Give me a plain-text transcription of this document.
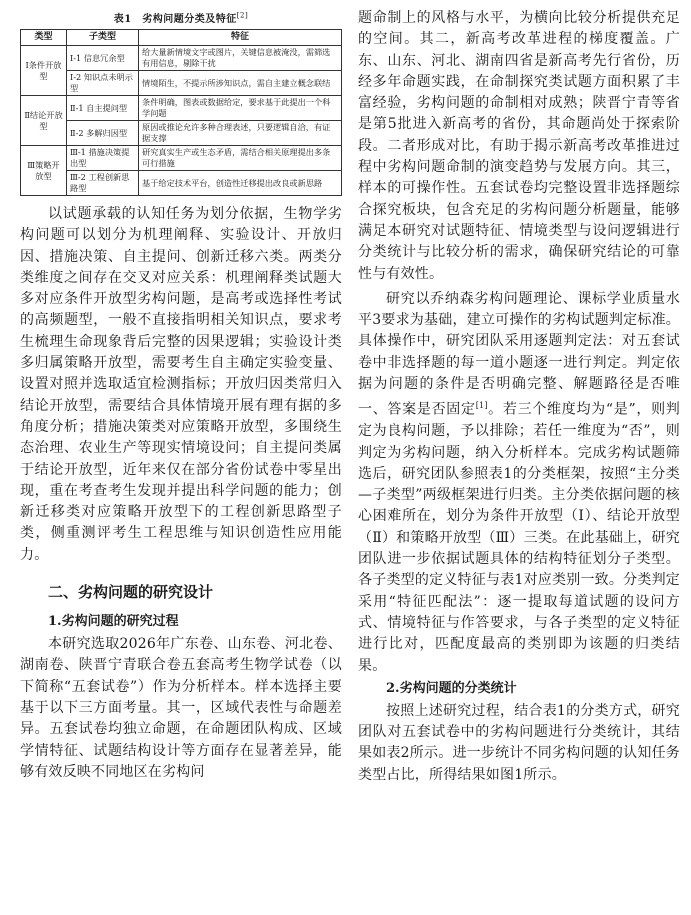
表1　劣构问题分类及特征[2]
类型	子类型	特征
Ⅰ条件开放型	Ⅰ-1 信息冗余型	给大量新情境文字或图片，关键信息被淹没，需筛选有用信息，剔除干扰
	Ⅰ-2 知识点未明示型	情境陌生，不提示所涉知识点，需自主建立概念联结
Ⅱ结论开放型	Ⅱ-1 自主提问型	条件明确，图表或数据给定，要求基于此提出一个科学问题
	Ⅱ-2 多解归因型	原因或推论允许多种合理表述，只要逻辑自洽，有证据支撑
Ⅲ策略开放型	Ⅲ-1 措施决策提出型	研究真实生产或生态矛盾，需结合相关原理提出多条可行措施
	Ⅲ-2 工程创新思路型	基于给定技术平台，创造性迁移提出改良或新思路

以试题承载的认知任务为划分依据，生物学劣构问题可以划分为机理阐释、实验设计、开放归因、措施决策、自主提问、创新迁移六类。两类分类维度之间存在交叉对应关系：机理阐释类试题大多对应条件开放型劣构问题，是高考或选择性考试的高频题型，一般不直接指明相关知识点，要求考生梳理生命现象背后完整的因果逻辑；实验设计类多归属策略开放型，需要考生自主确定实验变量、设置对照并选取适宜检测指标；开放归因类常归入结论开放型，需要结合具体情境开展有理有据的多角度分析；措施决策类对应策略开放型，多围绕生态治理、农业生产等现实情境设问；自主提问类属于结论开放型，近年来仅在部分省份试卷中零星出现，重在考查考生发现并提出科学问题的能力；创新迁移类对应策略开放型下的工程创新思路型子类，侧重测评考生工程思维与知识创造性应用能力。

二、劣构问题的研究设计
1.劣构问题的研究过程

本研究选取2026年广东卷、山东卷、河北卷、湖南卷、陕晋宁青联合卷五套高考生物学试卷（以下简称“五套试卷”）作为分析样本。样本选择主要基于以下三方面考量。其一，区域代表性与命题差异。五套试卷均独立命题，在命题团队构成、区域学情特征、试题结构设计等方面存在显著差异，能够有效反映不同地区在劣构问

题命制上的风格与水平，为横向比较分析提供充足的空间。其二，新高考改革进程的梯度覆盖。广东、山东、河北、湖南四省是新高考先行省份，历经多年命题实践，在命制探究类试题方面积累了丰富经验，劣构问题的命制相对成熟；陕晋宁青等省是第5批进入新高考的省份，其命题尚处于探索阶段。二者形成对比，有助于揭示新高考改革推进过程中劣构问题命制的演变趋势与发展方向。其三，样本的可操作性。五套试卷均完整设置非选择题综合探究板块，包含充足的劣构问题分析题量，能够满足本研究对试题特征、情境类型与设问逻辑进行分类统计与比较分析的需求，确保研究结论的可靠性与有效性。

研究以乔纳森劣构问题理论、课标学业质量水平3要求为基础，建立可操作的劣构试题判定标准。具体操作中，研究团队采用逐题判定法：对五套试卷中非选择题的每一道小题逐一进行判定。判定依据为问题的条件是否明确完整、解题路径是否唯一、答案是否固定[1]。若三个维度均为“是”，则判定为良构问题，予以排除；若任一维度为“否”，则判定为劣构问题，纳入分析样本。完成劣构试题筛选后，研究团队参照表1的分类框架，按照“主分类—子类型”两级框架进行归类。主分类依据问题的核心困难所在，划分为条件开放型（Ⅰ）、结论开放型（Ⅱ）和策略开放型（Ⅲ）三类。在此基础上，研究团队进一步依据试题具体的结构特征划分子类型。各子类型的定义特征与表1对应类别一致。分类判定采用“特征匹配法”：逐一提取每道试题的设问方式、情境特征与作答要求，与各子类型的定义特征进行比对，匹配度最高的类别即为该题的归类结果。

2.劣构问题的分类统计

按照上述研究过程，结合表1的分类方式，研究团队对五套试卷中的劣构问题进行分类统计，其结果如表2所示。进一步统计不同劣构问题的认知任务类型占比，所得结果如图1所示。
